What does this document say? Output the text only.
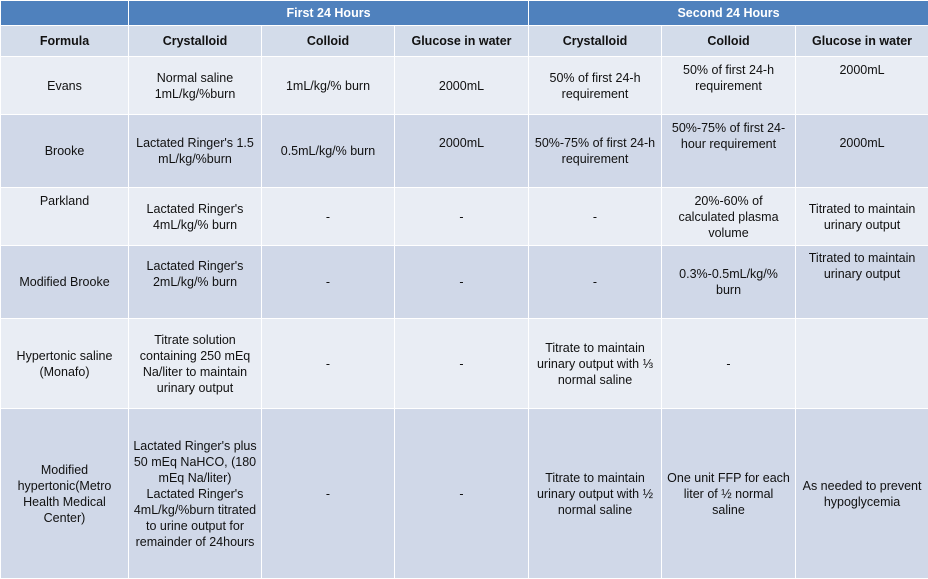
	First 24 Hours			Second 24 Hours		
Formula	Crystalloid	Colloid	Glucose in water	Crystalloid	Colloid	Glucose in water
Evans	Normal saline 1mL/kg/%burn	1mL/kg/% burn	2000mL	50% of first 24-h requirement	50% of first 24-h requirement	2000mL
Brooke	Lactated Ringer's 1.5 mL/kg/%burn	0.5mL/kg/% burn	2000mL	50%-75% of first 24-h requirement	50%-75% of first 24-hour requirement	2000mL
Parkland	Lactated Ringer's 4mL/kg/% burn	-	-	-	20%-60% of calculated plasma volume	Titrated to maintain urinary output
Modified Brooke	Lactated Ringer's 2mL/kg/% burn	-	-	-	0.3%-0.5mL/kg/% burn	Titrated to maintain urinary output
Hypertonic saline (Monafo)	Titrate solution containing 250 mEq Na/liter to maintain urinary output	-	-	Titrate to maintain urinary output with ⅓ normal saline	-	
Modified hypertonic(Metro Health Medical Center)	Lactated Ringer's plus 50 mEq NaHCO, (180 mEq Na/liter) Lactated Ringer's 4mL/kg/%burn titrated to urine output for remainder of 24hours	-	-	Titrate to maintain urinary output with ½ normal saline	One unit FFP for each liter of ½ normal saline	As needed to prevent hypoglycemia
